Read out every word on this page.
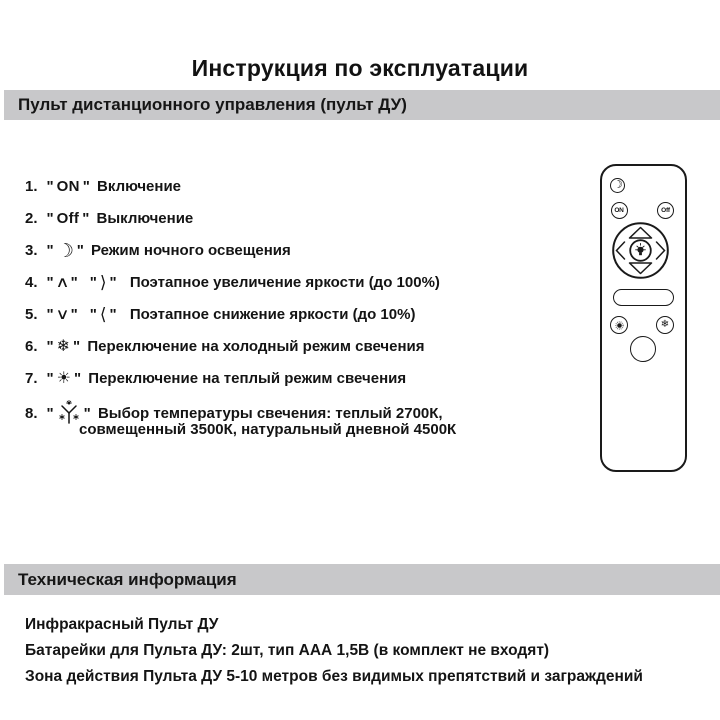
Инструкция по эксплуатации
Пульт дистанционного управления (пульт ДУ)
1. " ON " Включение
2. " Off " Выключение
3. " ☾ " Режим ночного освещения
4. "∧" " ⟩ " Поэтапное увеличение яркости (до 100%)
5. "∨" " ⟨ " Поэтапное снижение яркости (до 10%)
6. " ❄ " Переключение на холодный режим свечения
7. " ☀ " Переключение на теплый режим свечения
8. " " Выбор температуры свечения: теплый 2700К,
совмещенный 3500К, натуральный дневной 4500К
☾
ON	Off
❄
Техническая информация
Инфракрасный Пульт ДУ
Батарейки для Пульта ДУ: 2шт, тип ААА 1,5В (в комплект не входят)
Зона действия Пульта ДУ 5-10 метров без видимых препятствий и заграждений
